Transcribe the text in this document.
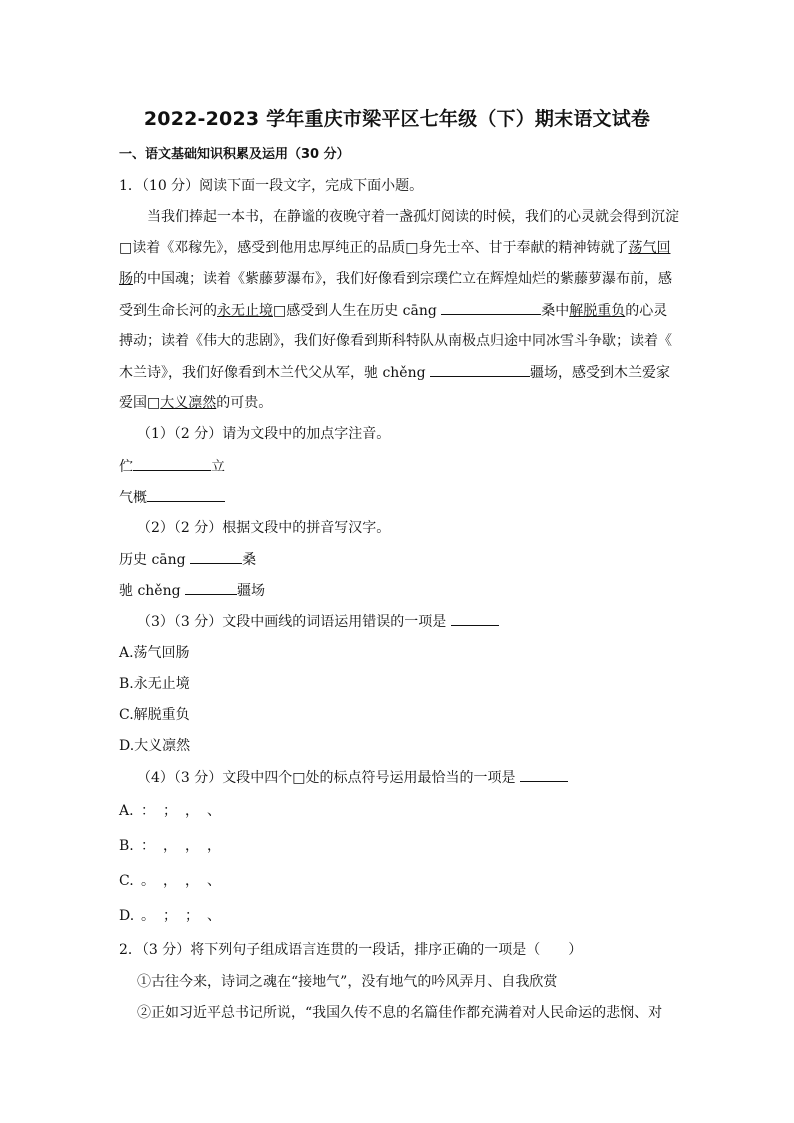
2022-2023 学年重庆市梁平区七年级（下）期末语文试卷
一、语文基础知识积累及运用（30 分）
1．（10 分）阅读下面一段文字，完成下面小题。
当我们捧起一本书，在静谧的夜晚守着一盏孤灯阅读的时候，我们的心灵就会得到沉淀
□读着《邓稼先》，感受到他用忠厚纯正的品质□身先士卒、甘于奉献的精神铸就了荡气回
肠的中国魂；读着《紫藤萝瀑布》，我们好像看到宗璞伫立在辉煌灿烂的紫藤萝瀑布前，感
受到生命长河的永无止境□感受到人生在历史 cāng	桑中解脱重负的心灵
搏动；读着《伟大的悲剧》，我们好像看到斯科特队从南极点归途中同冰雪斗争歇；读着《
木兰诗》，我们好像看到木兰代父从军，驰 chěng	疆场，感受到木兰爱家
爱国□大义凛然的可贵。
（1）（2 分）请为文段中的加点字注音。
伫	立
气概
（2）（2 分）根据文段中的拼音写汉字。
历史 cāng	桑
驰 chěng	疆场
（3）（3 分）文段中画线的词语运用错误的一项是
A.荡气回肠
B.永无止境
C.解脱重负
D.大义凛然
（4）（3 分）文段中四个□处的标点符号运用最恰当的一项是
A. ： ； ， 、
B. ： ， ， ，
C. 。 ， ， 、
D. 。 ； ； 、
2．（3 分）将下列句子组成语言连贯的一段话，排序正确的一项是（　　）
①古往今来，诗词之魂在“接地气”，没有地气的吟风弄月、自我欣赏
②正如习近平总书记所说，“我国久传不息的名篇佳作都充满着对人民命运的悲悯、对
